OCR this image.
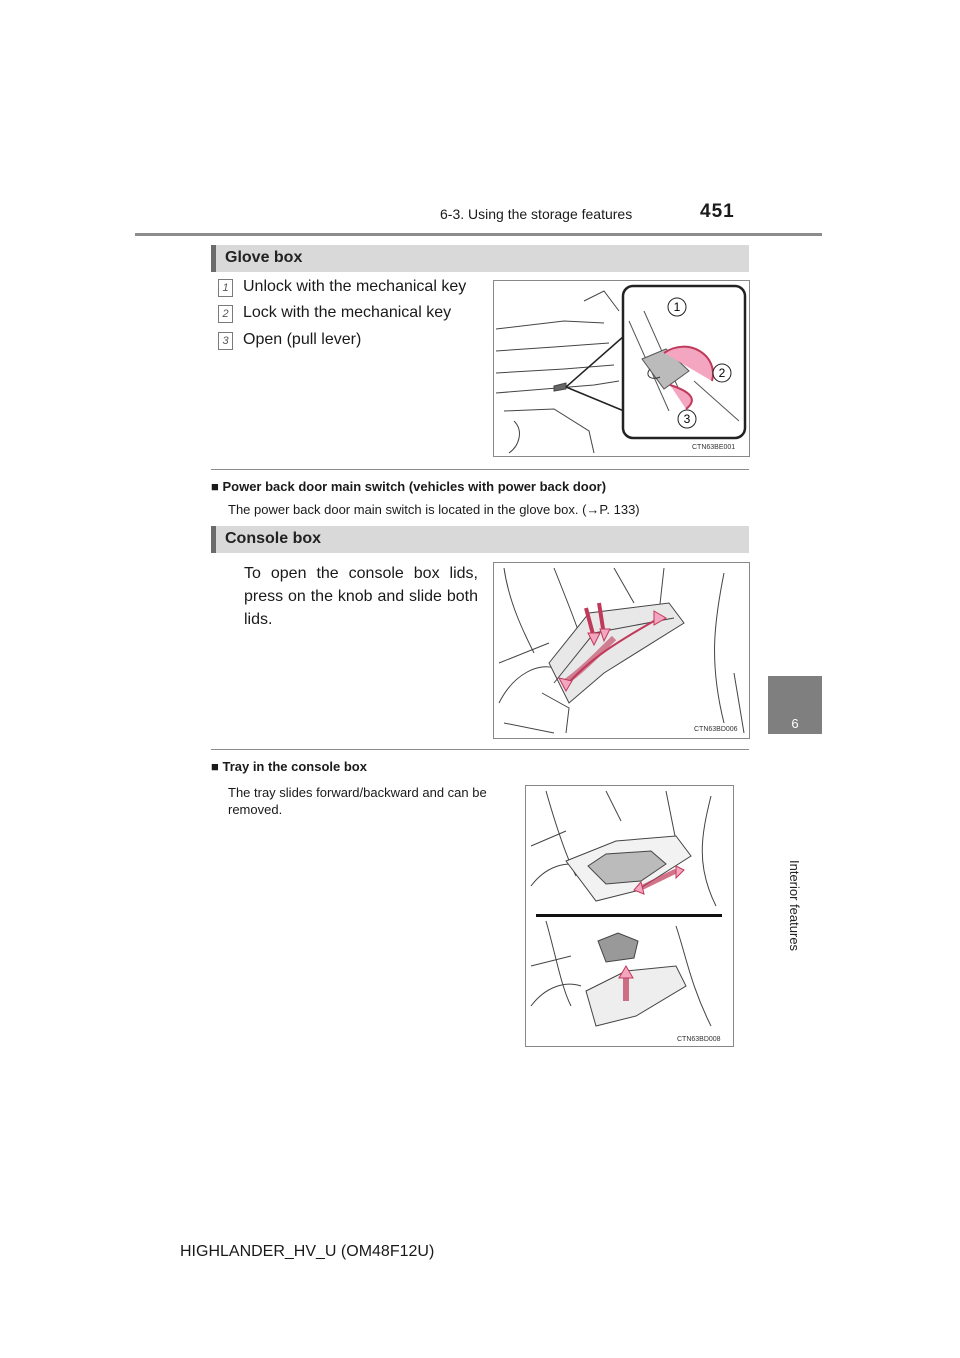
6-3. Using the storage features	451
6
Interior features
Glove box
1 Unlock with the mechanical key
2 Lock with the mechanical key
3 Open (pull lever)
1
2
3
CTN63BE001
■ Power back door main switch (vehicles with power back door)
The power back door main switch is located in the glove box. (→P. 133)
Console box
To open the console box lids, press on the knob and slide both lids.
CTN63BD006
■ Tray in the console box
The tray slides forward/backward and can be removed.
CTN63BD008
HIGHLANDER_HV_U (OM48F12U)
